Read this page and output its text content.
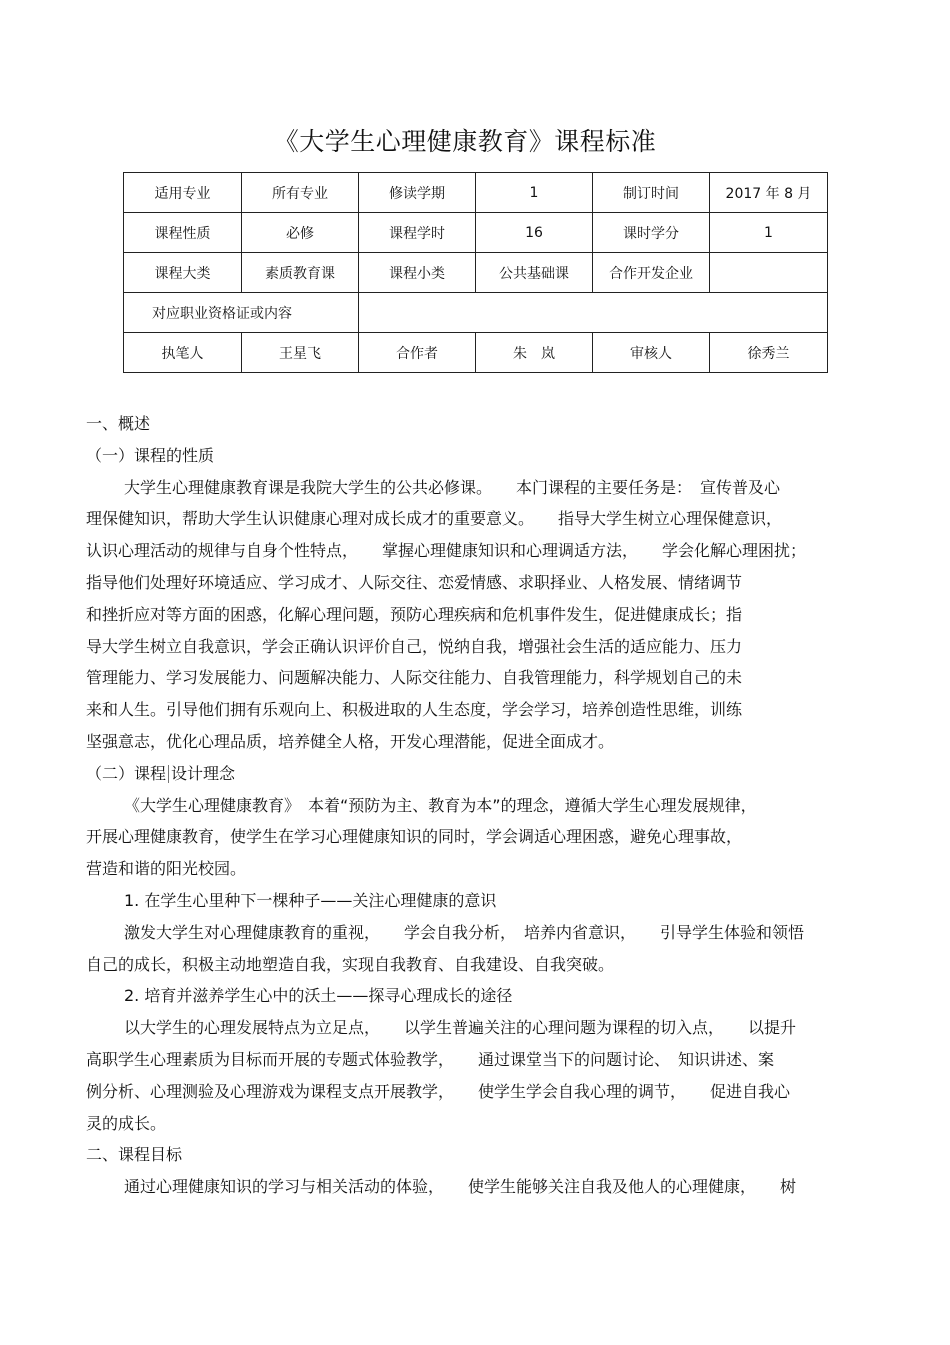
《大学生心理健康教育》课程标准
适用专业	所有专业	修读学期	1	制订时间	2017 年 8 月
课程性质	必修	课程学时	16	课时学分	1
课程大类	素质教育课	课程小类	公共基础课	合作开发企业	
对应职业资格证或内容					
执笔人	王星飞	合作者	朱　岚	审核人	徐秀兰
一、概述
（一）课程的性质
大学生心理健康教育课是我院大学生的公共必修课。　　本门课程的主要任务是：　宣传普及心
理保健知识，帮助大学生认识健康心理对成长成才的重要意义。　　指导大学生树立心理保健意识，
认识心理活动的规律与自身个性特点，　　掌握心理健康知识和心理调适方法，　　学会化解心理困扰；
指导他们处理好环境适应、学习成才、人际交往、恋爱情感、求职择业、人格发展、情绪调节
和挫折应对等方面的困惑，化解心理问题，预防心理疾病和危机事件发生，促进健康成长；指
导大学生树立自我意识，学会正确认识评价自己，悦纳自我，增强社会生活的适应能力、压力
管理能力、学习发展能力、问题解决能力、人际交往能力、自我管理能力，科学规划自己的未
来和人生。引导他们拥有乐观向上、积极进取的人生态度，学会学习，培养创造性思维，训练
坚强意志，优化心理品质，培养健全人格，开发心理潜能，促进全面成才。
（二）课程 设计理念
《大学生心理健康教育》　本着“预防为主、教育为本”的理念，遵循大学生心理发展规律，
开展心理健康教育，使学生在学习心理健康知识的同时，学会调适心理困惑，避免心理事故，
营造和谐的阳光校园。
1. 在学生心里种下一棵种子——关注心理健康的意识
激发大学生对心理健康教育的重视，　　学会自我分析，　培养内省意识，　　引导学生体验和领悟
自己的成长，积极主动地塑造自我，实现自我教育、自我建设、自我突破。
2. 培育并滋养学生心中的沃土——探寻心理成长的途径
以大学生的心理发展特点为立足点，　　以学生普遍关注的心理问题为课程的切入点，　　以提升
高职学生心理素质为目标而开展的专题式体验教学，　　通过课堂当下的问题讨论、　知识讲述、案
例分析、心理测验及心理游戏为课程支点开展教学，　　使学生学会自我心理的调节，　　促进自我心
灵的成长。
二、课程目标
通过心理健康知识的学习与相关活动的体验，　　使学生能够关注自我及他人的心理健康，　　树
